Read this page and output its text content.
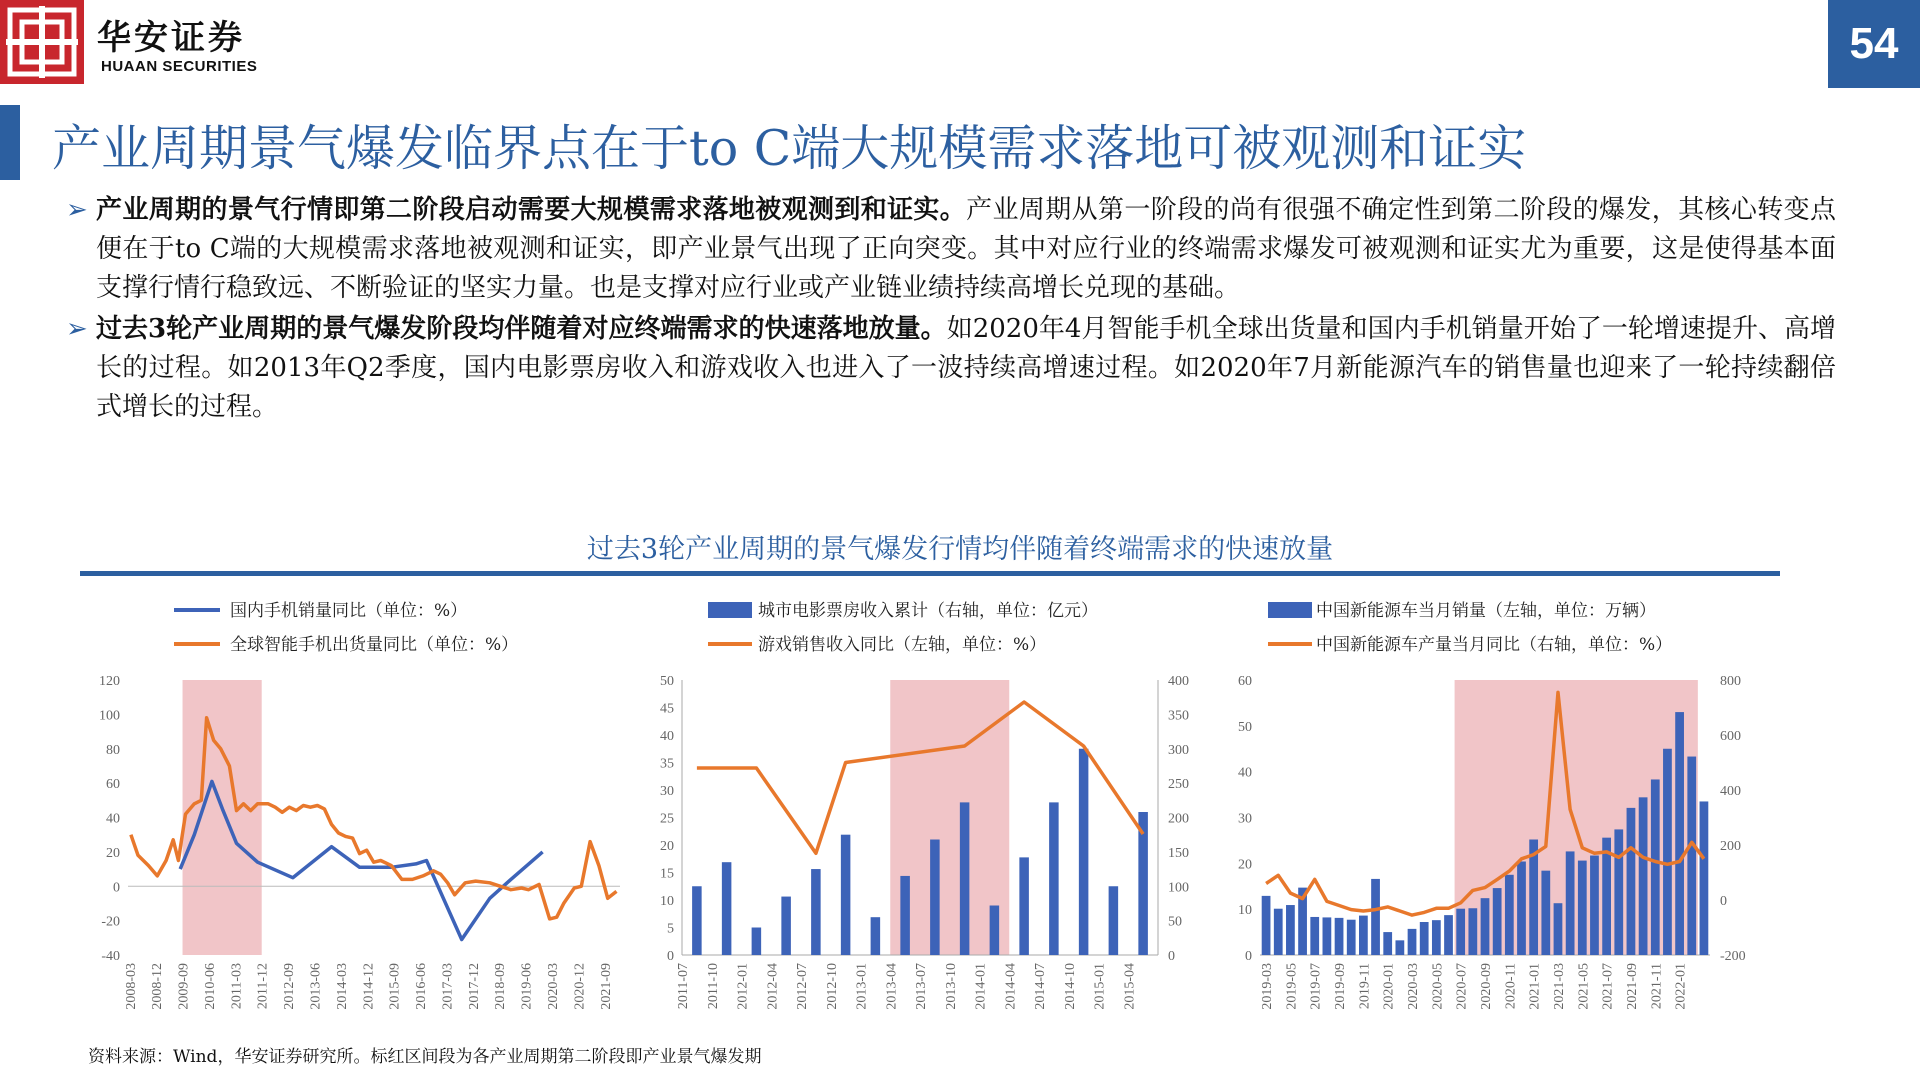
华安证券
HUAAN SECURITIES	54
产业周期景气爆发临界点在于to C端大规模需求落地可被观测和证实
➢ 产业周期的景气行情即第二阶段启动需要大规模需求落地被观测到和证实。产业周期从第一阶段的尚有很强不确定性到第二阶段的爆发，其核心转变点便在于to C端的大规模需求落地被观测和证实，即产业景气出现了正向突变。其中对应行业的终端需求爆发可被观测和证实尤为重要，这是使得基本面支撑行情行稳致远、不断验证的坚实力量。也是支撑对应行业或产业链业绩持续高增长兑现的基础。
➢ 过去3轮产业周期的景气爆发阶段均伴随着对应终端需求的快速落地放量。如2020年4月智能手机全球出货量和国内手机销量开始了一轮增速提升、高增长的过程。如2013年Q2季度，国内电影票房收入和游戏收入也进入了一波持续高增速过程。如2020年7月新能源汽车的销售量也迎来了一轮持续翻倍式增长的过程。
过去3轮产业周期的景气爆发行情均伴随着终端需求的快速放量
国内手机销量同比（单位：%）
全球智能手机出货量同比（单位：%）
-40
-20
0
20
40
60
80
100
120
2008-03 2008-12 2009-09 2010-06 2011-03 2011-12 2012-09 2013-06 2014-03 2014-12 2015-09 2016-06 2017-03 2017-12 2018-09 2019-06 2020-03 2020-12 2021-09
城市电影票房收入累计（右轴，单位：亿元）
游戏销售收入同比（左轴，单位：%）
0
5
10
15
20
25
30
35
40
45
50
0
50
100
150
200
250
300
350
400
2011-07 2011-10 2012-01 2012-04 2012-07 2012-10 2013-01 2013-04 2013-07 2013-10 2014-01 2014-04 2014-07 2014-10 2015-01 2015-04
中国新能源车当月销量（左轴，单位：万辆）
中国新能源车产量当月同比（右轴，单位：%）
0
10
20
30
40
50
60
-200
0
200
400
600
800
2019-03 2019-05 2019-07 2019-09 2019-11 2020-01 2020-03 2020-05 2020-07 2020-09 2020-11 2021-01 2021-03 2021-05 2021-07 2021-09 2021-11 2022-01
资料来源：Wind，华安证券研究所。标红区间段为各产业周期第二阶段即产业景气爆发期
